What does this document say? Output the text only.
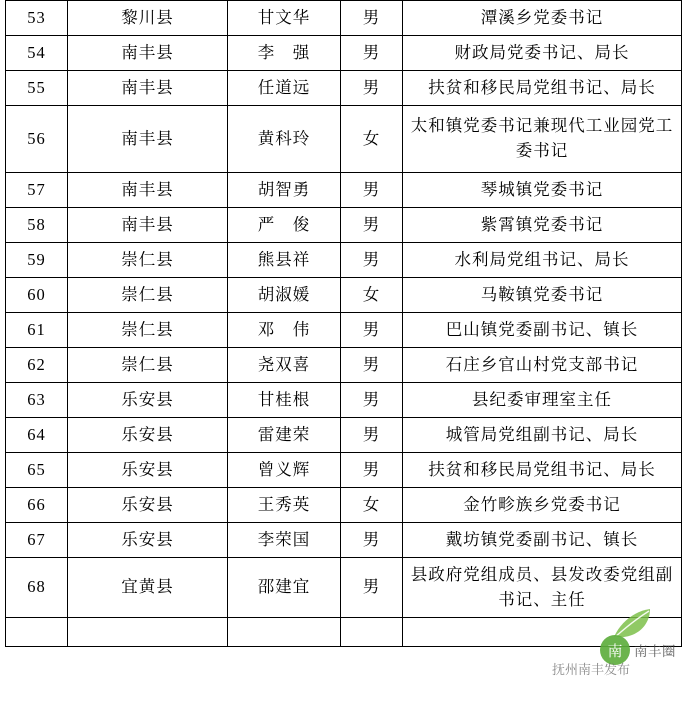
53	黎川县	甘文华	男	潭溪乡党委书记
54	南丰县	李　强	男	财政局党委书记、局长
55	南丰县	任道远	男	扶贫和移民局党组书记、局长
56	南丰县	黄科玲	女	太和镇党委书记兼现代工业园党工委书记
57	南丰县	胡智勇	男	琴城镇党委书记
58	南丰县	严　俊	男	紫霄镇党委书记
59	崇仁县	熊县祥	男	水利局党组书记、局长
60	崇仁县	胡淑媛	女	马鞍镇党委书记
61	崇仁县	邓　伟	男	巴山镇党委副书记、镇长
62	崇仁县	尧双喜	男	石庄乡官山村党支部书记
63	乐安县	甘桂根	男	县纪委审理室主任
64	乐安县	雷建荣	男	城管局党组副书记、局长
65	乐安县	曾义辉	男	扶贫和移民局党组书记、局长
66	乐安县	王秀英	女	金竹畛族乡党委书记
67	乐安县	李荣国	男	戴坊镇党委副书记、镇长
68	宜黄县	邵建宜	男	县政府党组成员、县发改委党组副书记、主任

南 南丰圈
抚州南丰发布
